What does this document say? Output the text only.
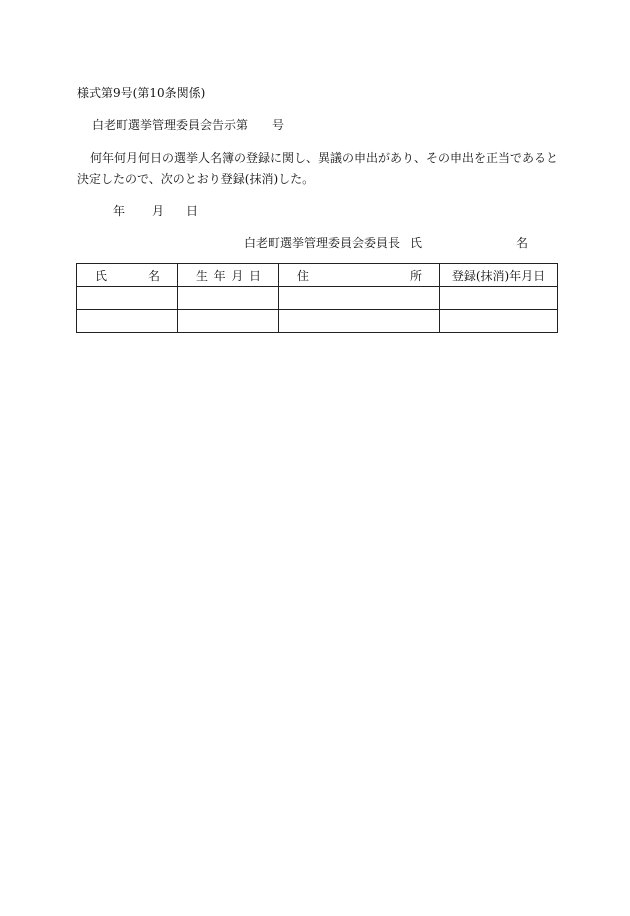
様式第9号(第10条関係)
白老町選挙管理委員会告示第　　号
何年何月何日の選挙人名簿の登録に関し、異議の申出があり、その申出を正当であると
決定したので、次のとおり登録(抹消)した。
年 月 日
白老町選挙管理委員会委員長 氏	名
氏 名	生 年 月 日	住 所	登録(抹消)年月日
